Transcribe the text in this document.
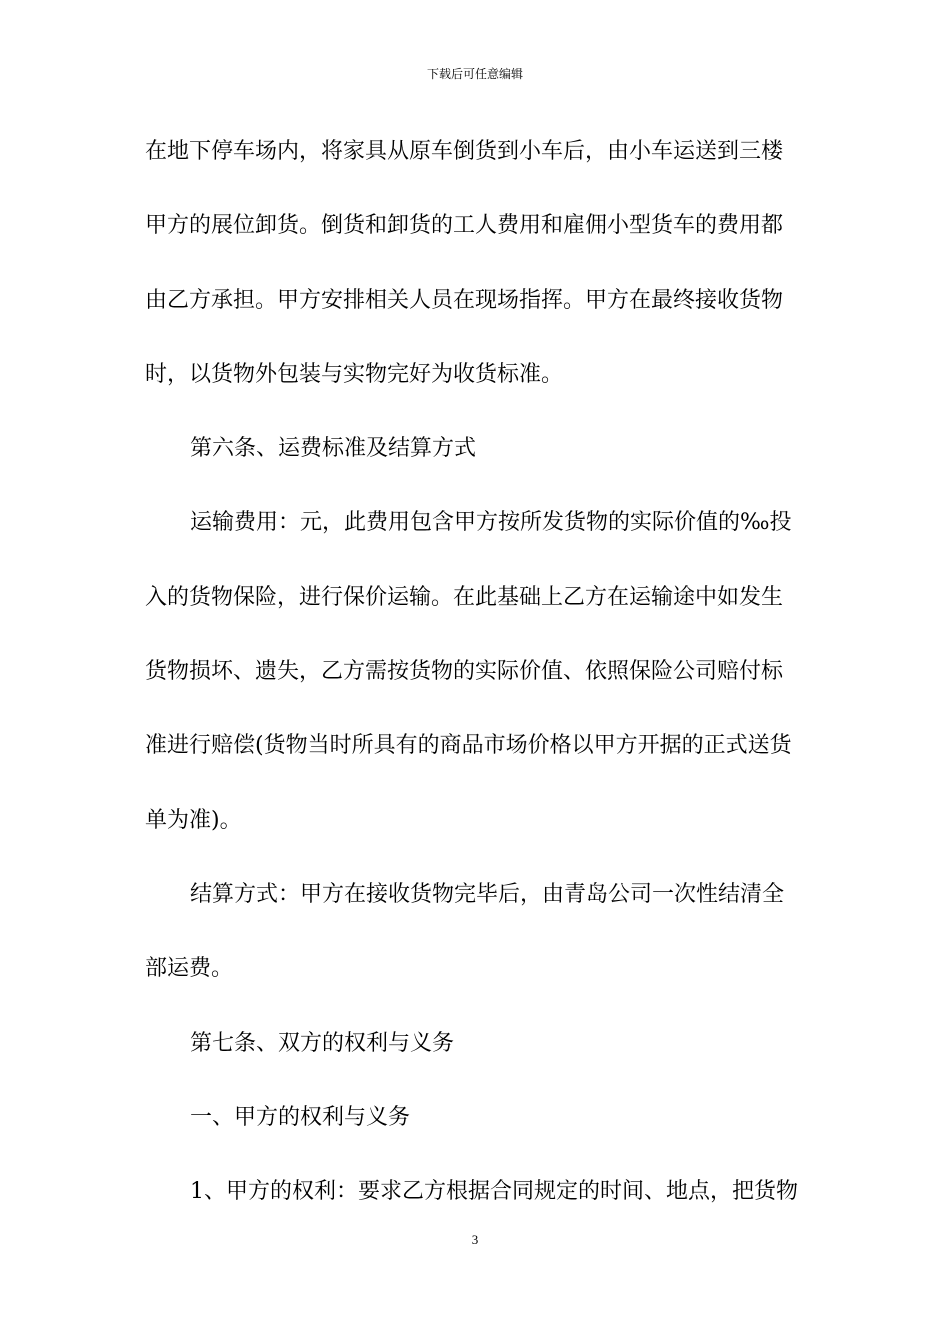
下载后可任意编辑
在地下停车场内，将家具从原车倒货到小车后，由小车运送到三楼
甲方的展位卸货。倒货和卸货的工人费用和雇佣小型货车的费用都
由乙方承担。甲方安排相关人员在现场指挥。甲方在最终接收货物
时，以货物外包装与实物完好为收货标准。
第六条、运费标准及结算方式
运输费用：元，此费用包含甲方按所发货物的实际价值的‰投
入的货物保险，进行保价运输。在此基础上乙方在运输途中如发生
货物损坏、遗失，乙方需按货物的实际价值、依照保险公司赔付标
准进行赔偿(货物当时所具有的商品市场价格以甲方开据的正式送货
单为准)。
结算方式：甲方在接收货物完毕后，由青岛公司一次性结清全
部运费。
第七条、双方的权利与义务
一、甲方的权利与义务
1、甲方的权利：要求乙方根据合同规定的时间、地点，把货物
3
